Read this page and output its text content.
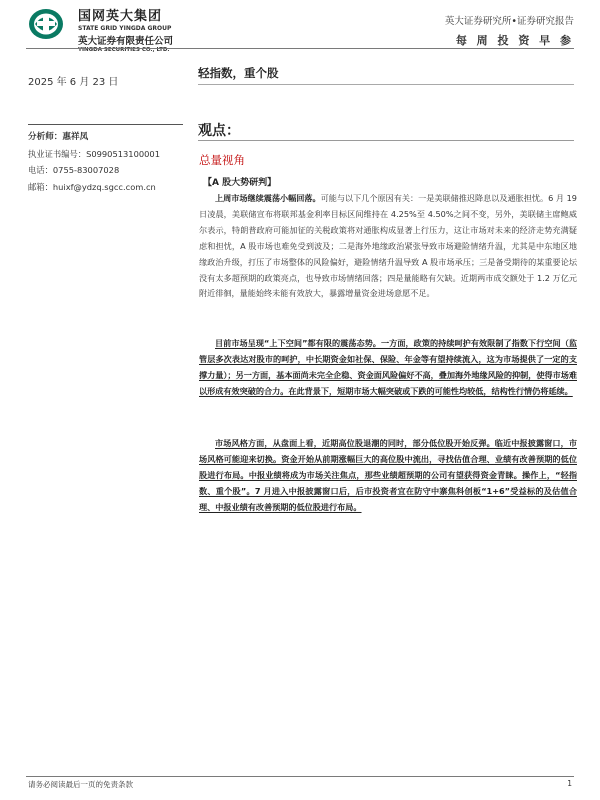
国网英大集团
STATE GRID YINGDA GROUP
英大证券有限责任公司
YINGDA SECURITIES CO., LTD.
英大证券研究所•证券研究报告
每 周 投 资 早 参
2025 年 6 月 23 日
轻指数，重个股
分析师：惠祥凤
执业证书编号：S0990513100001
电话：0755-83007028
邮箱：huixf@ydzq.sgcc.com.cn
观点：
总量视角
【A 股大势研判】
上周市场继续震荡小幅回落。可能与以下几个原因有关：一是美联储推迟降息以及通胀担忧。6 月 19 日凌晨，美联储宣布将联邦基金利率目标区间维持在 4.25%至 4.50%之间不变，另外，美联储主席鲍威尔表示，特朗普政府可能加征的关税政策将对通胀构成显著上行压力，这让市场对未来的经济走势充满疑虑和担忧，A 股市场也难免受到波及；二是海外地缘政治紧张导致市场避险情绪升温，尤其是中东地区地缘政治升级，打压了市场整体的风险偏好，避险情绪升温导致 A 股市场承压；三是备受期待的某重要论坛没有太多超预期的政策亮点，也导致市场情绪回落；四是量能略有欠缺。近期两市成交额处于 1.2 万亿元附近徘徊，量能始终未能有效放大，暴露增量资金进场意愿不足。
目前市场呈现“上下空间”都有限的震荡态势。一方面，政策的持续呵护有效限制了指数下行空间（监管层多次表达对股市的呵护，中长期资金如社保、保险、年金等有望持续流入，这为市场提供了一定的支撑力量）；另一方面，基本面尚未完全企稳、资金面风险偏好不高，叠加海外地缘风险的抑制，使得市场难以形成有效突破的合力。在此背景下，短期市场大幅突破或下跌的可能性均较低，结构性行情仍将延续。
市场风格方面，从盘面上看，近期高位股退潮的同时，部分低位股开始反弹。临近中报披露窗口，市场风格可能迎来切换。资金开始从前期涨幅巨大的高位股中流出，寻找估值合理、业绩有改善预期的低位股进行布局。中报业绩将成为市场关注焦点，那些业绩超预期的公司有望获得资金青睐。操作上，“轻指数、重个股”。7 月进入中报披露窗口后，后市投资者宜在防守中寨焦科创板“1+6”受益标的及估值合理、中报业绩有改善预期的低位股进行布局。
请务必阅读最后一页的免责条款	1
